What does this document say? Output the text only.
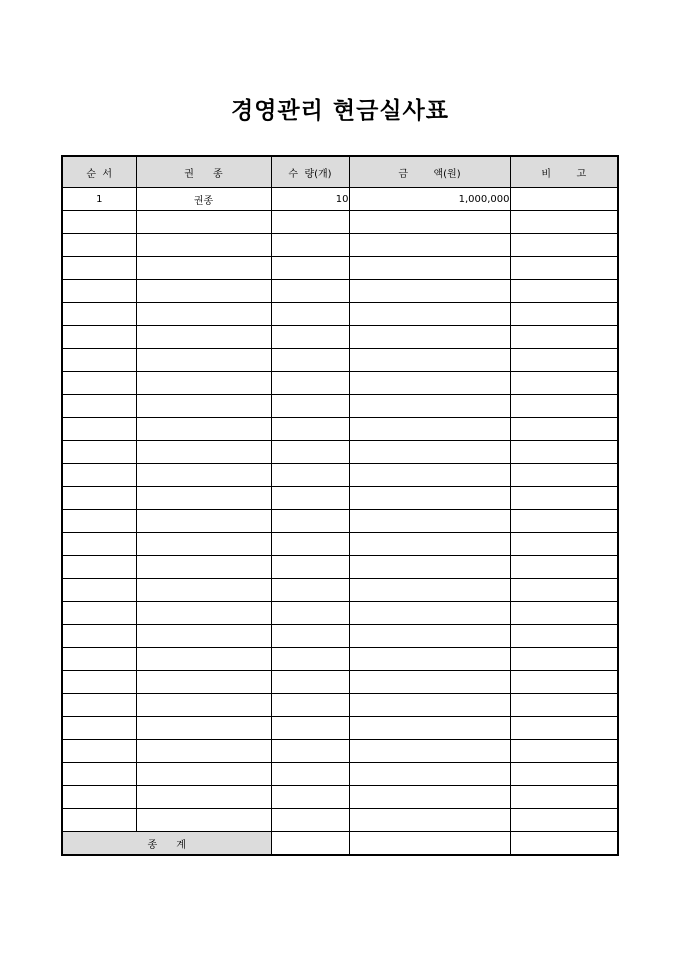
경영관리 현금실사표
순  서	권      종	수  량(개)	금        액(원)	비        고
1	권종	10	1,000,000	

종      계				
